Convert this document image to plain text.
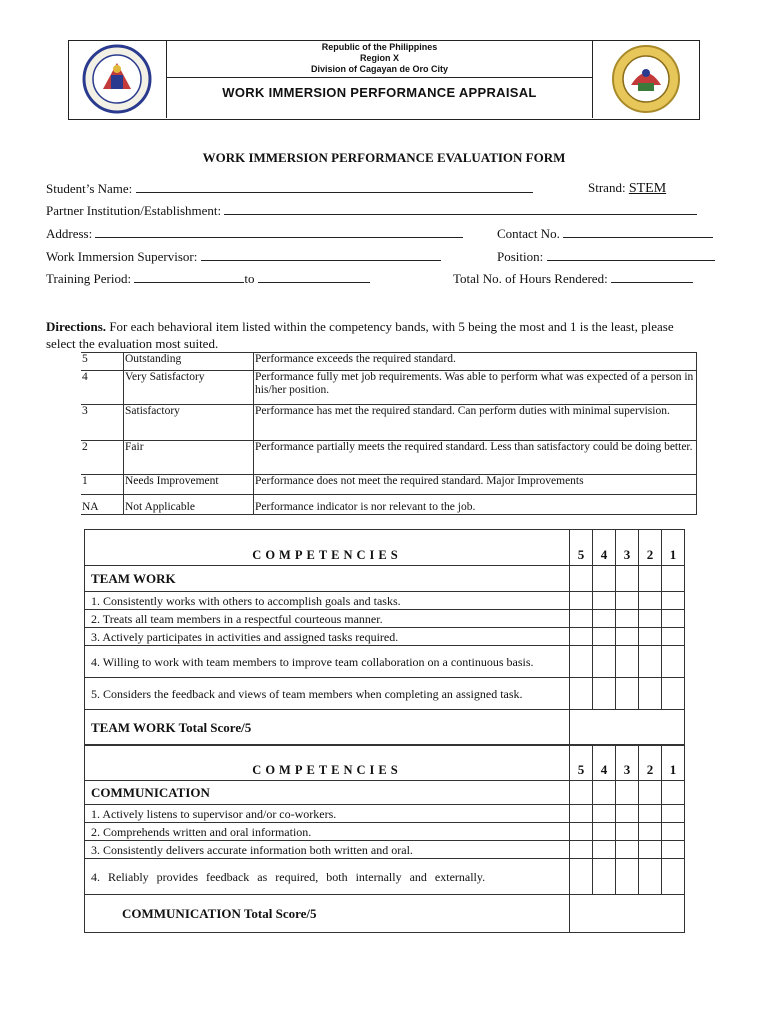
Republic of the Philippines
Region X
Division of Cagayan de Oro City
WORK IMMERSION PERFORMANCE APPRAISAL
WORK IMMERSION PERFORMANCE EVALUATION FORM
Student’s Name:	Strand: STEM
Partner Institution/Establishment:
Address:	Contact No.
Work Immersion Supervisor:	Position:
Training Period:	to	Total No. of Hours Rendered:
Directions. For each behavioral item listed within the competency bands, with 5 being the most and 1 is the least, please select the evaluation most suited.
5	Outstanding	Performance exceeds the required standard.
4	Very Satisfactory	Performance fully met job requirements. Was able to perform what was expected of a person in his/her position.
3	Satisfactory	Performance has met the required standard. Can perform duties with minimal supervision.
2	Fair	Performance partially meets the required standard. Less than satisfactory could be doing better.
1	Needs Improvement	Performance does not meet the required standard. Major Improvements
NA	Not Applicable	Performance indicator is nor relevant to the job.
COMPETENCIES	5	4	3	2	1
TEAM WORK					
1. Consistently works with others to accomplish goals and tasks.					
2. Treats all team members in a respectful courteous manner.					
3. Actively participates in activities and assigned tasks required.					
4. Willing to work with team members to improve team collaboration on a continuous basis.					
5. Considers the feedback and views of team members when completing an assigned task.					
TEAM WORK Total Score/5					
COMPETENCIES	5	4	3	2	1
COMMUNICATION					
1. Actively listens to supervisor and/or co-workers.					
2. Comprehends written and oral information.					
3. Consistently delivers accurate information both written and oral.					
4. Reliably provides feedback as required, both internally and externally.					
COMMUNICATION Total Score/5					
